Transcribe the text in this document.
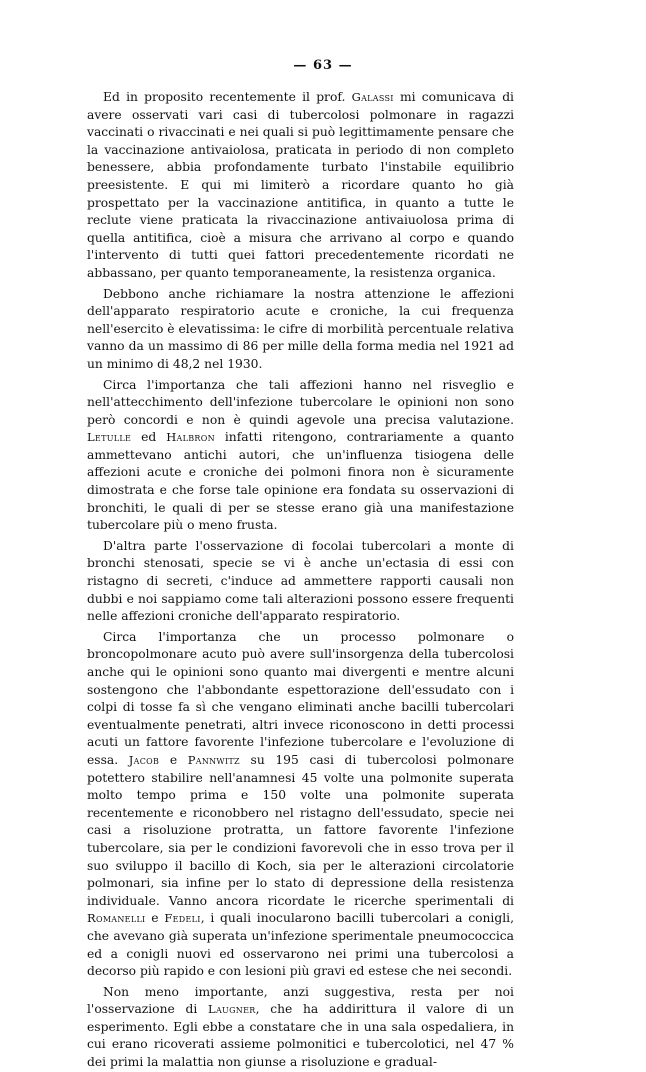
— 63 —

Ed in proposito recentemente il prof. Galassi mi comunicava di avere osservati vari casi di tubercolosi polmonare in ragazzi vaccinati o rivaccinati e nei quali si può legittimamente pensare che la vaccinazione antivaiolosa, praticata in periodo di non completo benessere, abbia profondamente turbato l'instabile equilibrio preesistente. E qui mi limiterò a ricordare quanto ho già prospettato per la vaccinazione antitifica, in quanto a tutte le reclute viene praticata la rivaccinazione antivaiuolosa prima di quella antitifica, cioè a misura che arrivano al corpo e quando l'intervento di tutti quei fattori precedentemente ricordati ne abbassano, per quanto temporaneamente, la resistenza organica.

Debbono anche richiamare la nostra attenzione le affezioni dell'apparato respiratorio acute e croniche, la cui frequenza nell'esercito è elevatissima: le cifre di morbilità percentuale relativa vanno da un massimo di 86 per mille della forma media nel 1921 ad un minimo di 48,2 nel 1930.

Circa l'importanza che tali affezioni hanno nel risveglio e nell'attecchimento dell'infezione tubercolare le opinioni non sono però concordi e non è quindi agevole una precisa valutazione. Letulle ed Halbron infatti ritengono, contrariamente a quanto ammettevano antichi autori, che un'influenza tisiogena delle affezioni acute e croniche dei polmoni finora non è sicuramente dimostrata e che forse tale opinione era fondata su osservazioni di bronchiti, le quali di per se stesse erano già una manifestazione tubercolare più o meno frusta.

D'altra parte l'osservazione di focolai tubercolari a monte di bronchi stenosati, specie se vi è anche un'ectasia di essi con ristagno di secreti, c'induce ad ammettere rapporti causali non dubbi e noi sappiamo come tali alterazioni possono essere frequenti nelle affezioni croniche dell'apparato respiratorio.

Circa l'importanza che un processo polmonare o broncopolmonare acuto può avere sull'insorgenza della tubercolosi anche qui le opinioni sono quanto mai divergenti e mentre alcuni sostengono che l'abbondante espettorazione dell'essudato con i colpi di tosse fa sì che vengano eliminati anche bacilli tubercolari eventualmente penetrati, altri invece riconoscono in detti processi acuti un fattore favorente l'infezione tubercolare e l'evoluzione di essa. Jacob e Pannwitz su 195 casi di tubercolosi polmonare potettero stabilire nell'anamnesi 45 volte una polmonite superata molto tempo prima e 150 volte una polmonite superata recentemente e riconobbero nel ristagno dell'essudato, specie nei casi a risoluzione protratta, un fattore favorente l'infezione tubercolare, sia per le condizioni favorevoli che in esso trova per il suo sviluppo il bacillo di Koch, sia per le alterazioni circolatorie polmonari, sia infine per lo stato di depressione della resistenza individuale. Vanno ancora ricordate le ricerche sperimentali di Romanelli e Fedeli, i quali inocularono bacilli tubercolari a conigli, che avevano già superata un'infezione sperimentale pneumococcica ed a conigli nuovi ed osservarono nei primi una tubercolosi a decorso più rapido e con lesioni più gravi ed estese che nei secondi.

Non meno importante, anzi suggestiva, resta per noi l'osservazione di Laugner, che ha addirittura il valore di un esperimento. Egli ebbe a constatare che in una sala ospedaliera, in cui erano ricoverati assieme polmonitici e tubercolotici, nel 47 % dei primi la malattia non giunse a risoluzione e gradual-
